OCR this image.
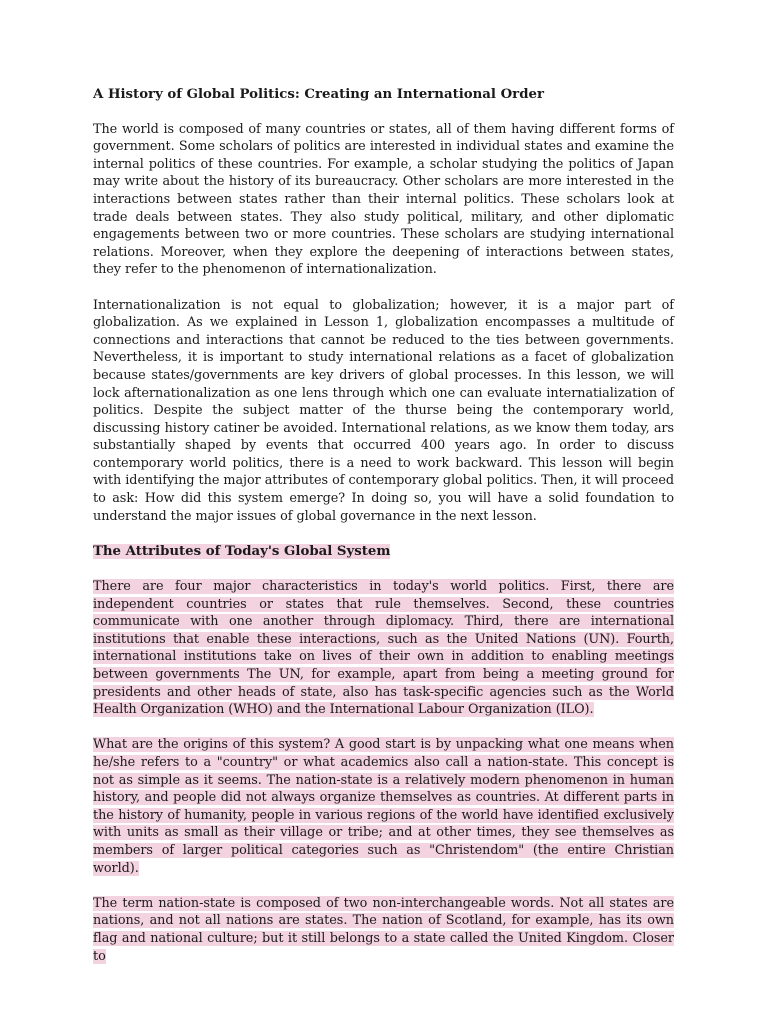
A History of Global Politics: Creating an International Order

The world is composed of many countries or states, all of them having different forms of government. Some scholars of politics are interested in individual states and examine the internal politics of these countries. For example, a scholar studying the politics of Japan may write about the history of its bureaucracy. Other scholars are more interested in the interactions between states rather than their internal politics. These scholars look at trade deals between states. They also study political, military, and other diplomatic engagements between two or more countries. These scholars are studying international relations. Moreover, when they explore the deepening of interactions between states, they refer to the phenomenon of internationalization.

Internationalization is not equal to globalization; however, it is a major part of globalization. As we explained in Lesson 1, globalization encompasses a multitude of connections and interactions that cannot be reduced to the ties between governments. Nevertheless, it is important to study international relations as a facet of globalization because states/governments are key drivers of global processes. In this lesson, we will lock afternationalization as one lens through which one can evaluate internatialization of politics. Despite the subject matter of the thurse being the contemporary world, discussing history catiner be avoided. International relations, as we know them today, ars substantially shaped by events that occurred 400 years ago. In order to discuss contemporary world politics, there is a need to work backward. This lesson will begin with identifying the major attributes of contemporary global politics. Then, it will proceed to ask: How did this system emerge? In doing so, you will have a solid foundation to understand the major issues of global governance in the next lesson.

The Attributes of Today's Global System

There are four major characteristics in today's world politics. First, there are independent countries or states that rule themselves. Second, these countries communicate with one another through diplomacy. Third, there are international institutions that enable these interactions, such as the United Nations (UN). Fourth, international institutions take on lives of their own in addition to enabling meetings between governments The UN, for example, apart from being a meeting ground for presidents and other heads of state, also has task-specific agencies such as the World Health Organization (WHO) and the International Labour Organization (ILO).

What are the origins of this system? A good start is by unpacking what one means when he/she refers to a "country" or what academics also call a nation-state. This concept is not as simple as it seems. The nation-state is a relatively modern phenomenon in human history, and people did not always organize themselves as countries. At different parts in the history of humanity, people in various regions of the world have identified exclusively with units as small as their village or tribe; and at other times, they see themselves as members of larger political categories such as "Christendom" (the entire Christian world).

The term nation-state is composed of two non-interchangeable words. Not all states are nations, and not all nations are states. The nation of Scotland, for example, has its own flag and national culture; but it still belongs to a state called the United Kingdom. Closer to
